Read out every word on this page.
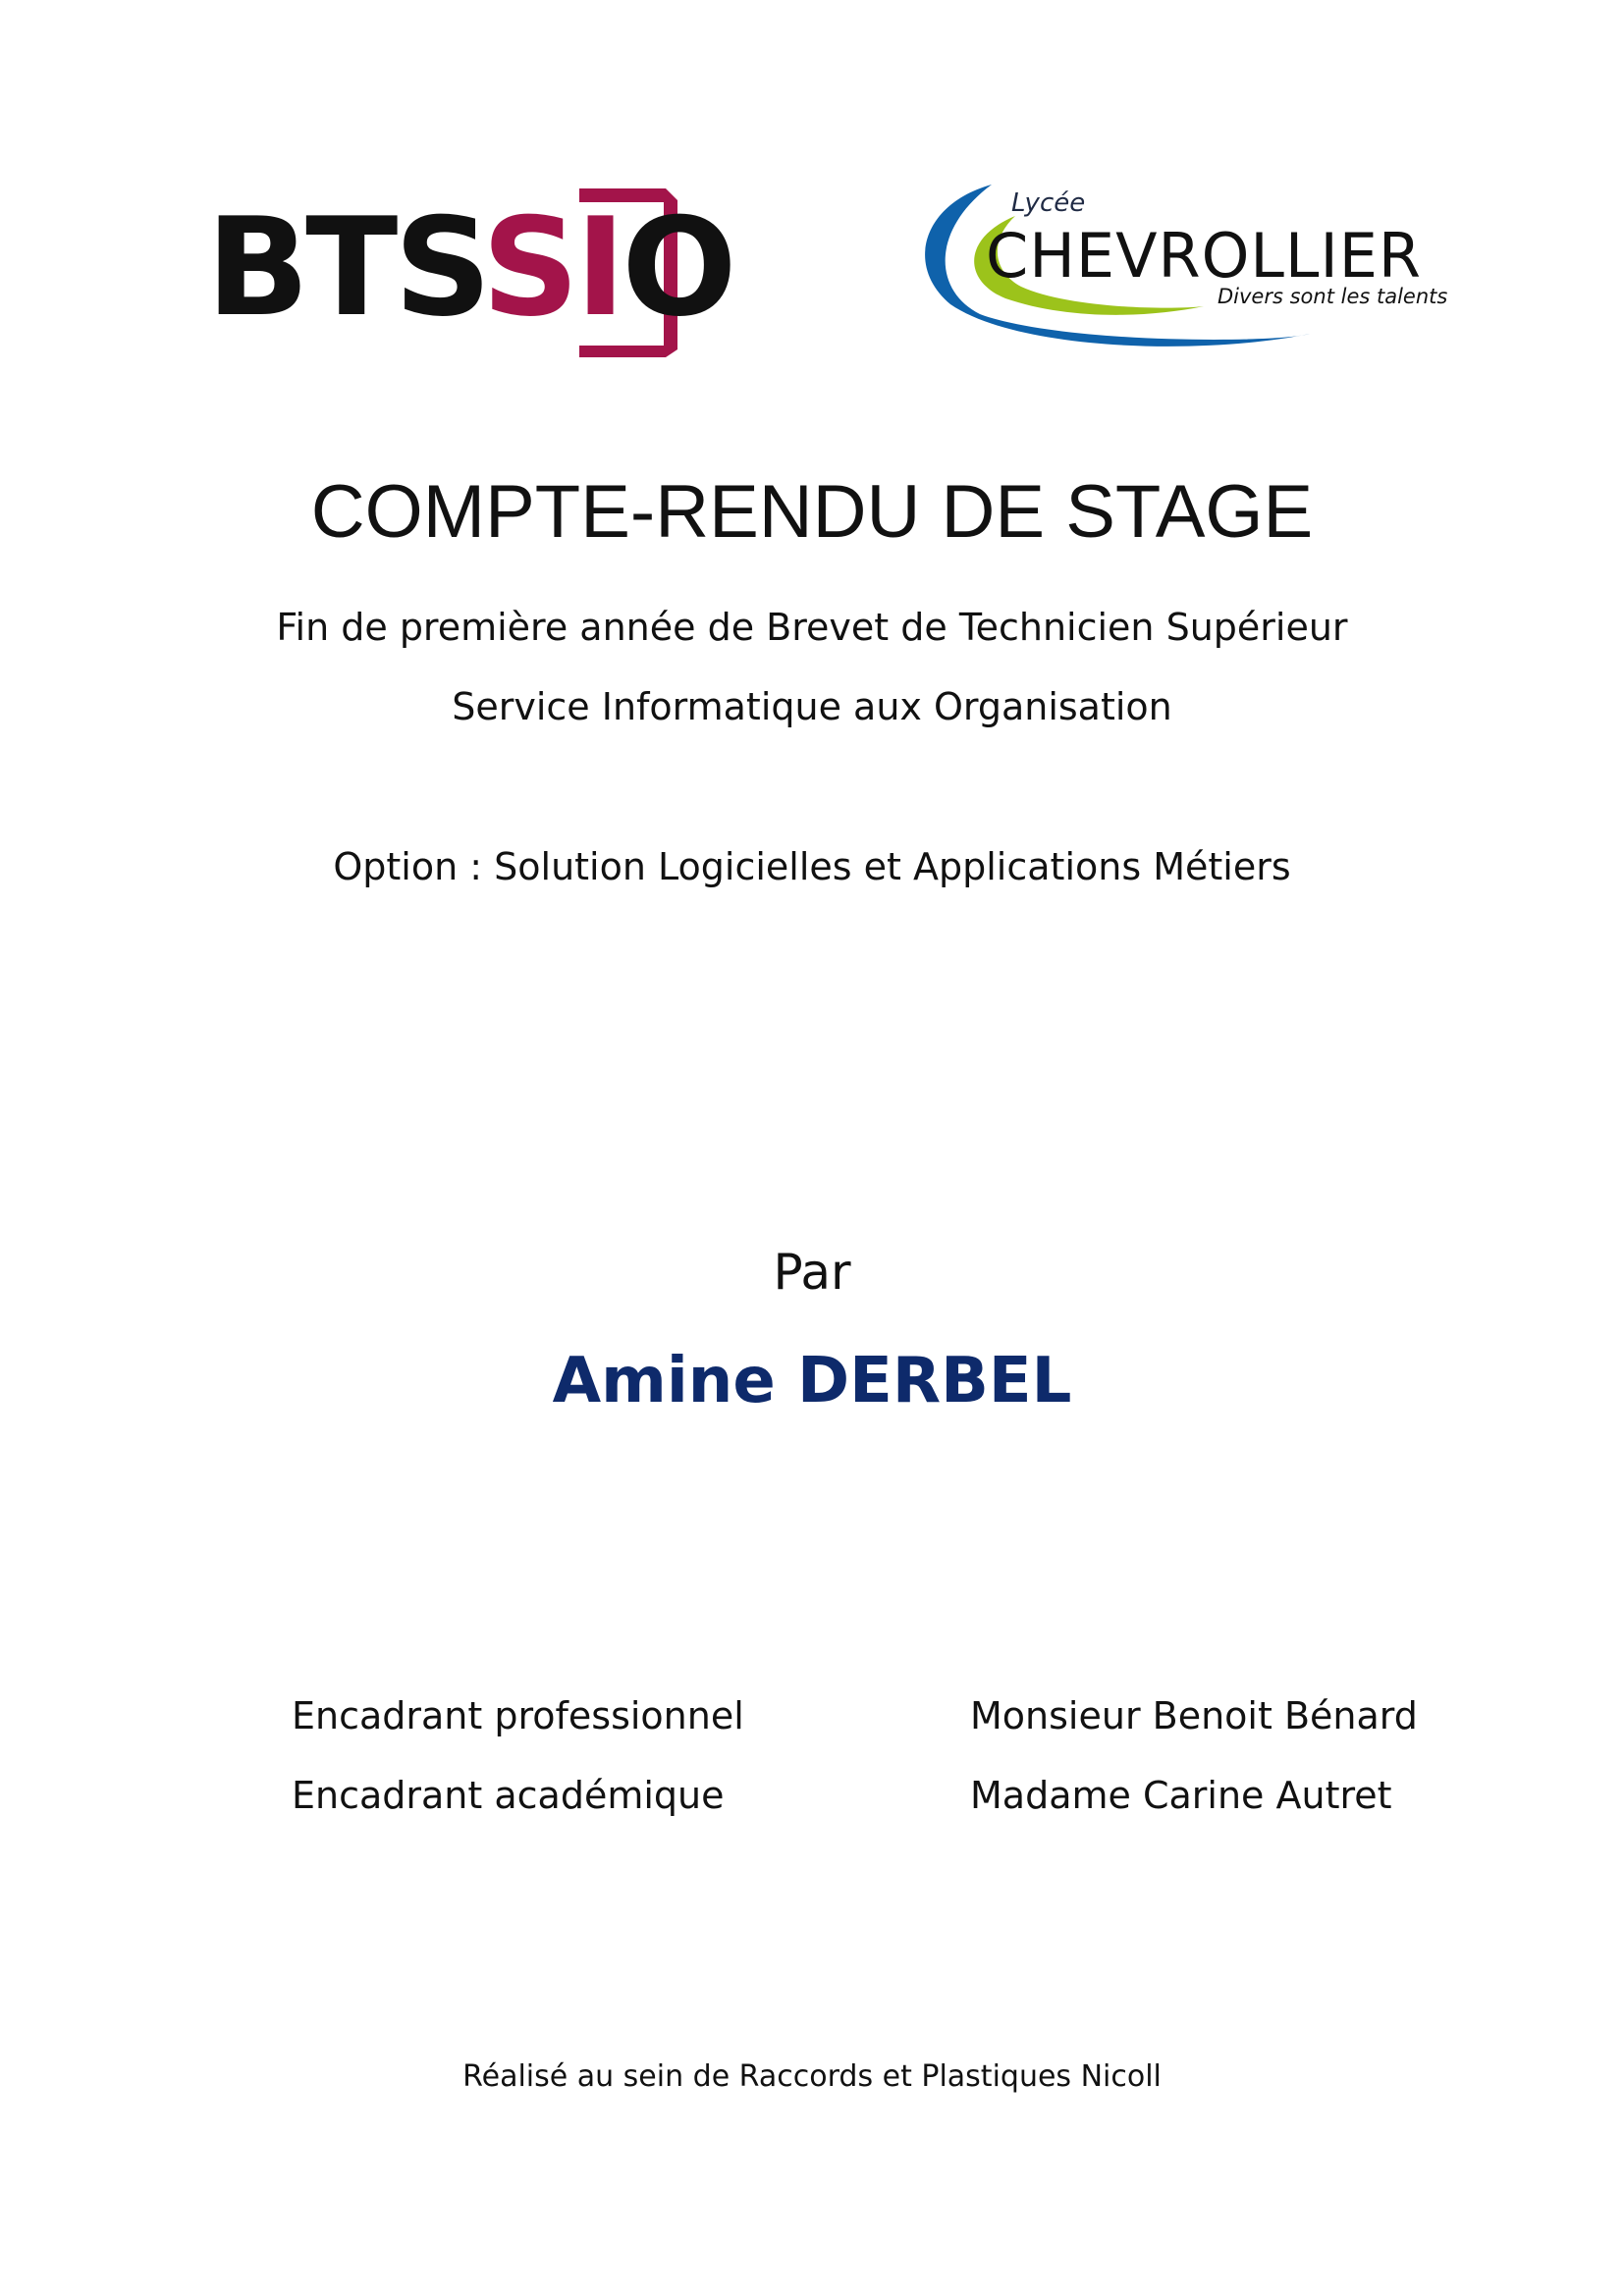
BTSSIO	Lycée
CHEVROLLIER
Divers sont les talents
COMPTE-RENDU DE STAGE
Fin de première année de Brevet de Technicien Supérieur
Service Informatique aux Organisation
Option : Solution Logicielles et Applications Métiers
Par
Amine DERBEL
Encadrant professionnel	Monsieur Benoit Bénard
Encadrant académique	Madame Carine Autret
Réalisé au sein de Raccords et Plastiques Nicoll
